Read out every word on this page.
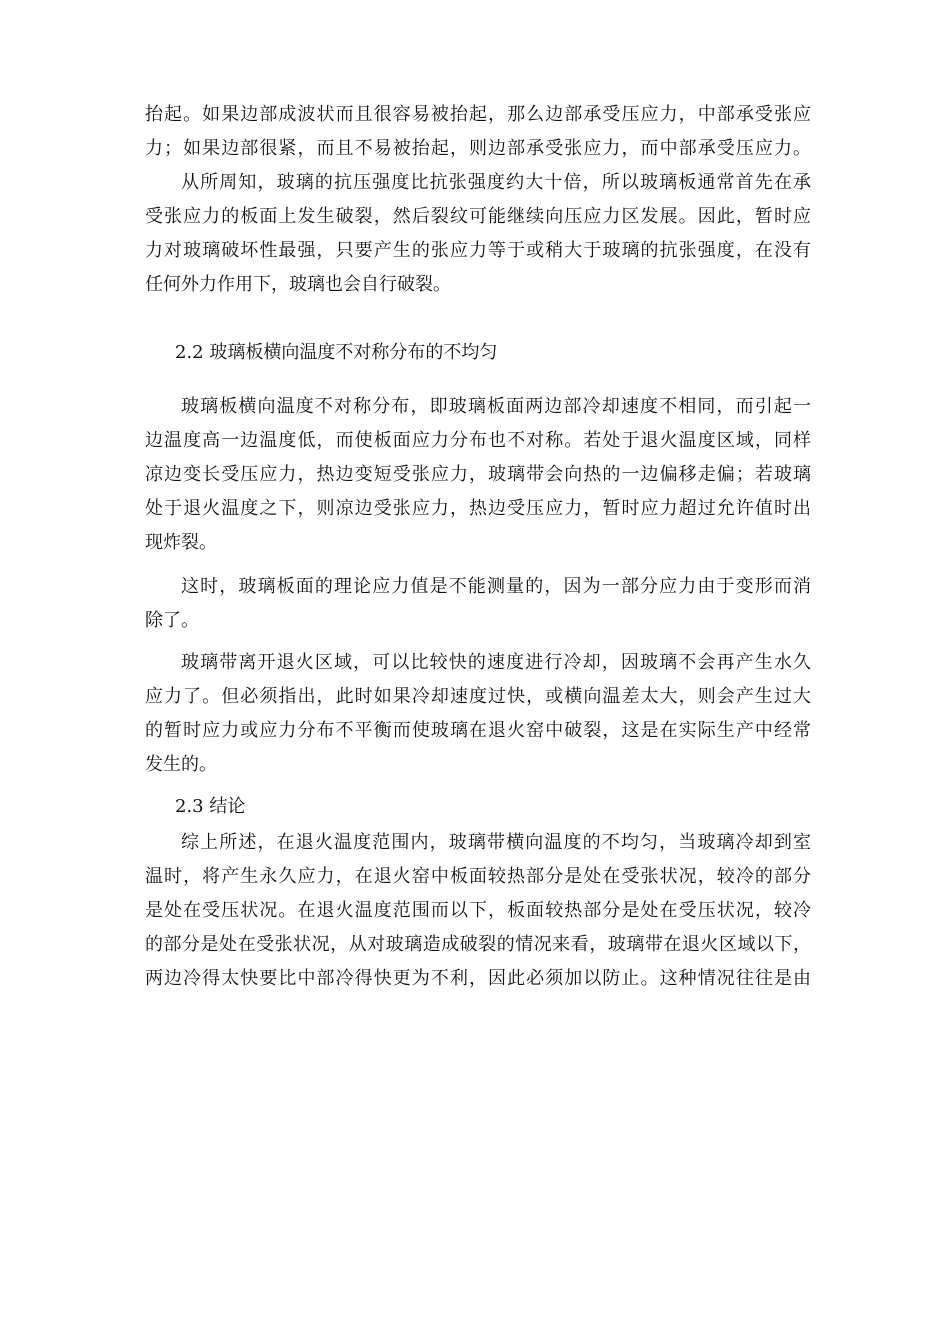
抬起。如果边部成波状而且很容易被抬起，那么边部承受压应力，中部承受张应
力；如果边部很紧，而且不易被抬起，则边部承受张应力，而中部承受压应力。
从所周知，玻璃的抗压强度比抗张强度约大十倍，所以玻璃板通常首先在承
受张应力的板面上发生破裂，然后裂纹可能继续向压应力区发展。因此，暂时应
力对玻璃破坏性最强，只要产生的张应力等于或稍大于玻璃的抗张强度，在没有
任何外力作用下，玻璃也会自行破裂。
2.2 玻璃板横向温度不对称分布的不均匀
玻璃板横向温度不对称分布，即玻璃板面两边部冷却速度不相同，而引起一
边温度高一边温度低，而使板面应力分布也不对称。若处于退火温度区域，同样
凉边变长受压应力，热边变短受张应力，玻璃带会向热的一边偏移走偏；若玻璃
处于退火温度之下，则凉边受张应力，热边受压应力，暂时应力超过允许值时出
现炸裂。
这时，玻璃板面的理论应力值是不能测量的，因为一部分应力由于变形而消
除了。
玻璃带离开退火区域，可以比较快的速度进行冷却，因玻璃不会再产生水久
应力了。但必须指出，此时如果冷却速度过快，或横向温差太大，则会产生过大
的暂时应力或应力分布不平衡而使玻璃在退火窑中破裂，这是在实际生产中经常
发生的。
2.3 结论
综上所述，在退火温度范围内，玻璃带横向温度的不均匀，当玻璃冷却到室
温时，将产生永久应力，在退火窑中板面较热部分是处在受张状况，较冷的部分
是处在受压状况。在退火温度范围而以下，板面较热部分是处在受压状况，较冷
的部分是处在受张状况，从对玻璃造成破裂的情况来看，玻璃带在退火区域以下，
两边冷得太快要比中部冷得快更为不利，因此必须加以防止。这种情况往往是由
